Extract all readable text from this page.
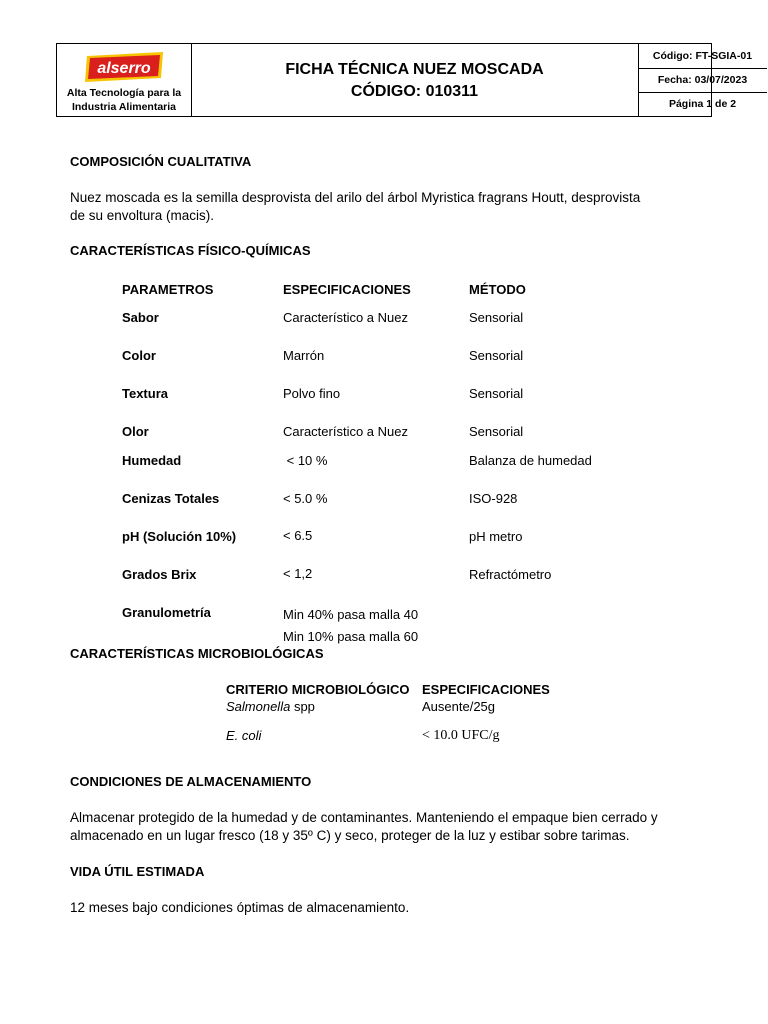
alserro
Alta Tecnología para la
Industria Alimentaria
FICHA TÉCNICA NUEZ MOSCADA
CÓDIGO: 010311
Código: FT-SGIA-01
Fecha: 03/07/2023
Página 1 de 2
COMPOSICIÓN CUALITATIVA
Nuez moscada es la semilla desprovista del arilo del árbol Myristica fragrans Houtt, desprovista
de su envoltura (macis).
CARACTERÍSTICAS FÍSICO-QUÍMICAS
PARAMETROS	ESPECIFICACIONES	MÉTODO
Sabor	Característico a Nuez	Sensorial
Color	Marrón	Sensorial
Textura	Polvo fino	Sensorial
Olor	Característico a Nuez	Sensorial
Humedad	< 10 %	Balanza de humedad
Cenizas Totales	< 5.0 %	ISO-928
pH (Solución 10%)	< 6.5	pH metro
Grados Brix	< 1,2	Refractómetro
Granulometría	Min 40% pasa malla 40
Min 10% pasa malla 60
CARACTERÍSTICAS MICROBIOLÓGICAS
CRITERIO MICROBIOLÓGICO ESPECIFICACIONES
Salmonella spp	Ausente/25g
E. coli	< 10.0 UFC/g
CONDICIONES DE ALMACENAMIENTO
Almacenar protegido de la humedad y de contaminantes. Manteniendo el empaque bien cerrado y
almacenado en un lugar fresco (18 y 35º C) y seco, proteger de la luz y estibar sobre tarimas.
VIDA ÚTIL ESTIMADA
12 meses bajo condiciones óptimas de almacenamiento.
